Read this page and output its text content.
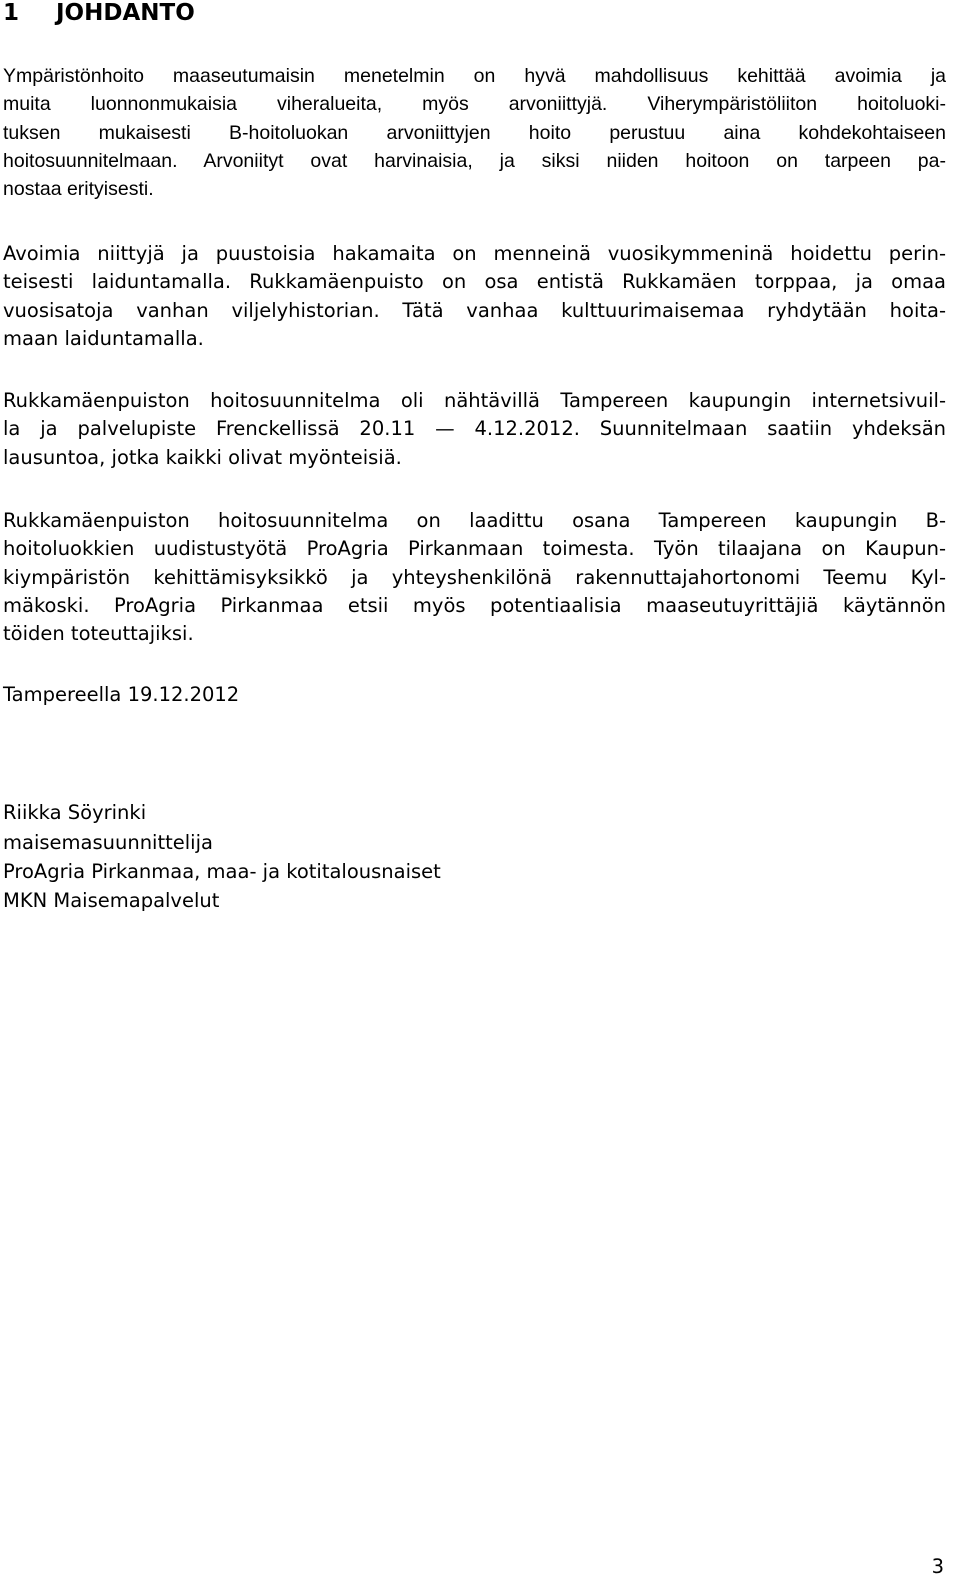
1 JOHDANTO
Ympäristönhoito maaseutumaisin menetelmin on hyvä mahdollisuus kehittää avoimia ja
muita luonnonmukaisia viheralueita, myös arvoniittyjä. Viherympäristöliiton hoitoluoki-
tuksen mukaisesti B-hoitoluokan arvoniittyjen hoito perustuu aina kohdekohtaiseen
hoitosuunnitelmaan. Arvoniityt ovat harvinaisia, ja siksi niiden hoitoon on tarpeen pa-
nostaa erityisesti.
Avoimia niittyjä ja puustoisia hakamaita on menneinä vuosikymmeninä hoidettu perin-
teisesti laiduntamalla. Rukkamäenpuisto on osa entistä Rukkamäen torppaa, ja omaa
vuosisatoja vanhan viljelyhistorian. Tätä vanhaa kulttuurimaisemaa ryhdytään hoita-
maan laiduntamalla.
Rukkamäenpuiston hoitosuunnitelma oli nähtävillä Tampereen kaupungin internetsivuil-
la ja palvelupiste Frenckellissä 20.11 — 4.12.2012. Suunnitelmaan saatiin yhdeksän
lausuntoa, jotka kaikki olivat myönteisiä.
Rukkamäenpuiston hoitosuunnitelma on laadittu osana Tampereen kaupungin B-
hoitoluokkien uudistustyötä ProAgria Pirkanmaan toimesta. Työn tilaajana on Kaupun-
kiympäristön kehittämisyksikkö ja yhteyshenkilönä rakennuttajahortonomi Teemu Kyl-
mäkoski. ProAgria Pirkanmaa etsii myös potentiaalisia maaseutuyrittäjiä käytännön
töiden toteuttajiksi.

Tampereella 19.12.2012

Riikka Söyrinki

maisemasuunnittelija

ProAgria Pirkanmaa, maa- ja kotitalousnaiset

MKN Maisemapalvelut

3
